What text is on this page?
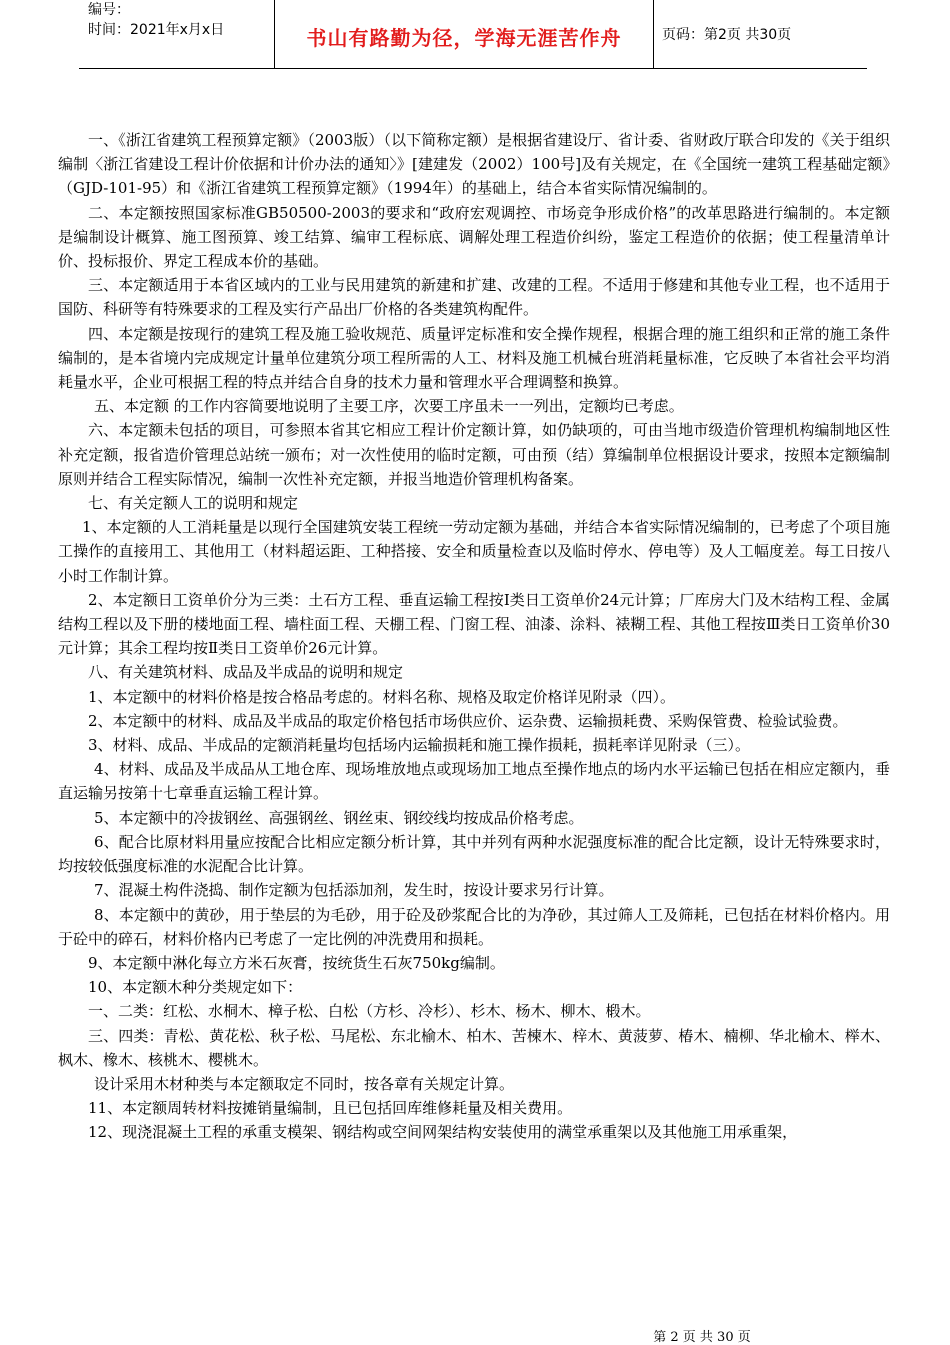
编号：
时间：2021年x月x日	书山有路勤为径，学海无涯苦作舟	页码：第2页 共30页

一、《浙江省建筑工程预算定额》（2003版）（以下简称定额）是根据省建设厅、省计委、省财政厅联合印发的《关于组织编制〈浙江省建设工程计价依据和计价办法的通知〉》[建建发（2002）100号]及有关规定，在《全国统一建筑工程基础定额》（GJD-101-95）和《浙江省建筑工程预算定额》（1994年）的基础上，结合本省实际情况编制的。

二、本定额按照国家标准GB50500-2003的要求和“政府宏观调控、市场竞争形成价格”的改革思路进行编制的。本定额是编制设计概算、施工图预算、竣工结算、编审工程标底、调解处理工程造价纠纷，鉴定工程造价的依据；使工程量清单计价、投标报价、界定工程成本价的基础。

三、本定额适用于本省区域内的工业与民用建筑的新建和扩建、改建的工程。不适用于修建和其他专业工程，也不适用于国防、科研等有特殊要求的工程及实行产品出厂价格的各类建筑构配件。

四、本定额是按现行的建筑工程及施工验收规范、质量评定标准和安全操作规程，根据合理的施工组织和正常的施工条件编制的，是本省境内完成规定计量单位建筑分项工程所需的人工、材料及施工机械台班消耗量标准，它反映了本省社会平均消耗量水平，企业可根据工程的特点并结合自身的技术力量和管理水平合理调整和换算。

五、本定额 的工作内容简要地说明了主要工序，次要工序虽未一一列出，定额均已考虑。

六、本定额未包括的项目，可参照本省其它相应工程计价定额计算，如仍缺项的，可由当地市级造价管理机构编制地区性补充定额，报省造价管理总站统一颁布；对一次性使用的临时定额，可由预（结）算编制单位根据设计要求，按照本定额编制原则并结合工程实际情况，编制一次性补充定额，并报当地造价管理机构备案。

七、有关定额人工的说明和规定

1、本定额的人工消耗量是以现行全国建筑安装工程统一劳动定额为基础，并结合本省实际情况编制的，已考虑了个项目施工操作的直接用工、其他用工（材料超运距、工种搭接、安全和质量检查以及临时停水、停电等）及人工幅度差。每工日按八小时工作制计算。

2、本定额日工资单价分为三类：土石方工程、垂直运输工程按Ⅰ类日工资单价24元计算；厂库房大门及木结构工程、金属结构工程以及下册的楼地面工程、墙柱面工程、天棚工程、门窗工程、油漆、涂料、裱糊工程、其他工程按Ⅲ类日工资单价30元计算；其余工程均按Ⅱ类日工资单价26元计算。

八、有关建筑材料、成品及半成品的说明和规定

1、本定额中的材料价格是按合格品考虑的。材料名称、规格及取定价格详见附录（四）。

2、本定额中的材料、成品及半成品的取定价格包括市场供应价、运杂费、运输损耗费、采购保管费、检验试验费。

3、材料、成品、半成品的定额消耗量均包括场内运输损耗和施工操作损耗，损耗率详见附录（三）。

4、材料、成品及半成品从工地仓库、现场堆放地点或现场加工地点至操作地点的场内水平运输已包括在相应定额内，垂直运输另按第十七章垂直运输工程计算。

5、本定额中的冷拔钢丝、高强钢丝、钢丝束、钢绞线均按成品价格考虑。

6、配合比原材料用量应按配合比相应定额分析计算，其中并列有两种水泥强度标准的配合比定额，设计无特殊要求时，均按较低强度标准的水泥配合比计算。

7、混凝土构件浇捣、制作定额为包括添加剂，发生时，按设计要求另行计算。

8、本定额中的黄砂，用于垫层的为毛砂，用于砼及砂浆配合比的为净砂，其过筛人工及筛耗，已包括在材料价格内。用于砼中的碎石，材料价格内已考虑了一定比例的冲洗费用和损耗。

9、本定额中淋化每立方米石灰膏，按统货生石灰750kg编制。

10、本定额木种分类规定如下：

一、二类：红松、水桐木、樟子松、白松（方杉、冷杉）、杉木、杨木、柳木、椴木。

三、四类：青松、黄花松、秋子松、马尾松、东北榆木、柏木、苦楝木、梓木、黄菠萝、椿木、楠柳、华北榆木、榉木、枫木、橡木、核桃木、樱桃木。

设计采用木材种类与本定额取定不同时，按各章有关规定计算。

11、本定额周转材料按摊销量编制，且已包括回库维修耗量及相关费用。

12、现浇混凝土工程的承重支模架、钢结构或空间网架结构安装使用的满堂承重架以及其他施工用承重架，

第 2 页 共 30 页
